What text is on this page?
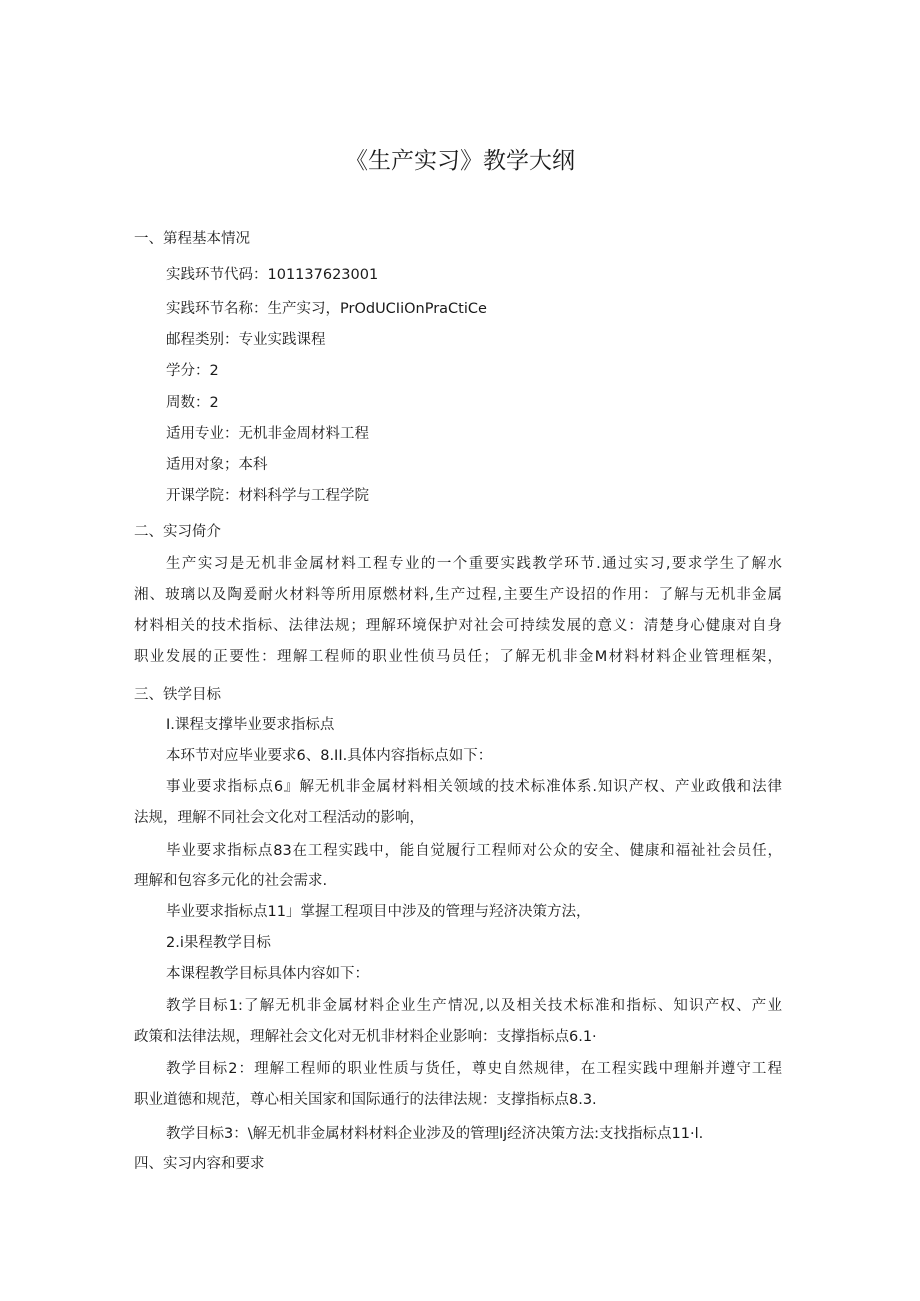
《生产实习》教学大纲
一、第程基本情况
实践环节代码：101137623001
实践环节名称：生产实习，PrOdUCIiOnPraCtiCe
邮程类别：专业实践课程
学分：2
周数：2
适用专业：无机非金周材料工程
适用对象；本科
开课学院：材料科学与工程学院
二、实习倚介
生产实习是无机非金属材料工程专业的一个重要实践教学环节.通过实习,要求学生了解水
湘、玻璃以及陶爰耐火材料等所用原燃材料,生产过程,主要生产设招的作用：了解与无机非金属
材料相关的技术指标、法律法规；理解环境保护对社会可持续发展的意义：清楚身心健康对自身
职业发展的正要性：理解工程师的职业性侦马员任；了解无机非金M材料材料企业管理框架，
三、铁学目标
I.课程支撑毕业要求指标点
本环节对应毕业要求6、8.II.具体内容指标点如下：
事业要求指标点6』解无机非金属材料相关领域的技术标准体系.知识产权、产业政俄和法律
法规，理解不同社会文化对工程活动的影响，
毕业要求指标点83在工程实践中，能自觉履行工程师对公众的安全、健康和福祉社会员任，
理解和包容多元化的社会需求.
毕业要求指标点11」掌握工程项目中涉及的管理与羟济决策方法，
2.i果程教学目标
本课程教学目标具体内容如下：
教学目标1:了解无机非金属材料企业生产情况,以及相关技术标准和指标、知识产权、产业
政策和法律法规，理解社会文化对无机非材料企业影响：支撑指标点6.1·
教学目标2：理解工程师的职业性质与货任，尊史自然规律，在工程实践中理斛并遵守工程
职业道德和规范，尊心相关国家和国际通行的法律法规：支撑指标点8.3.
教学目标3：\解无机非金属材料材料企业涉及的管理lj经济决策方法:支找指标点11·l.
四、实习内容和要求
